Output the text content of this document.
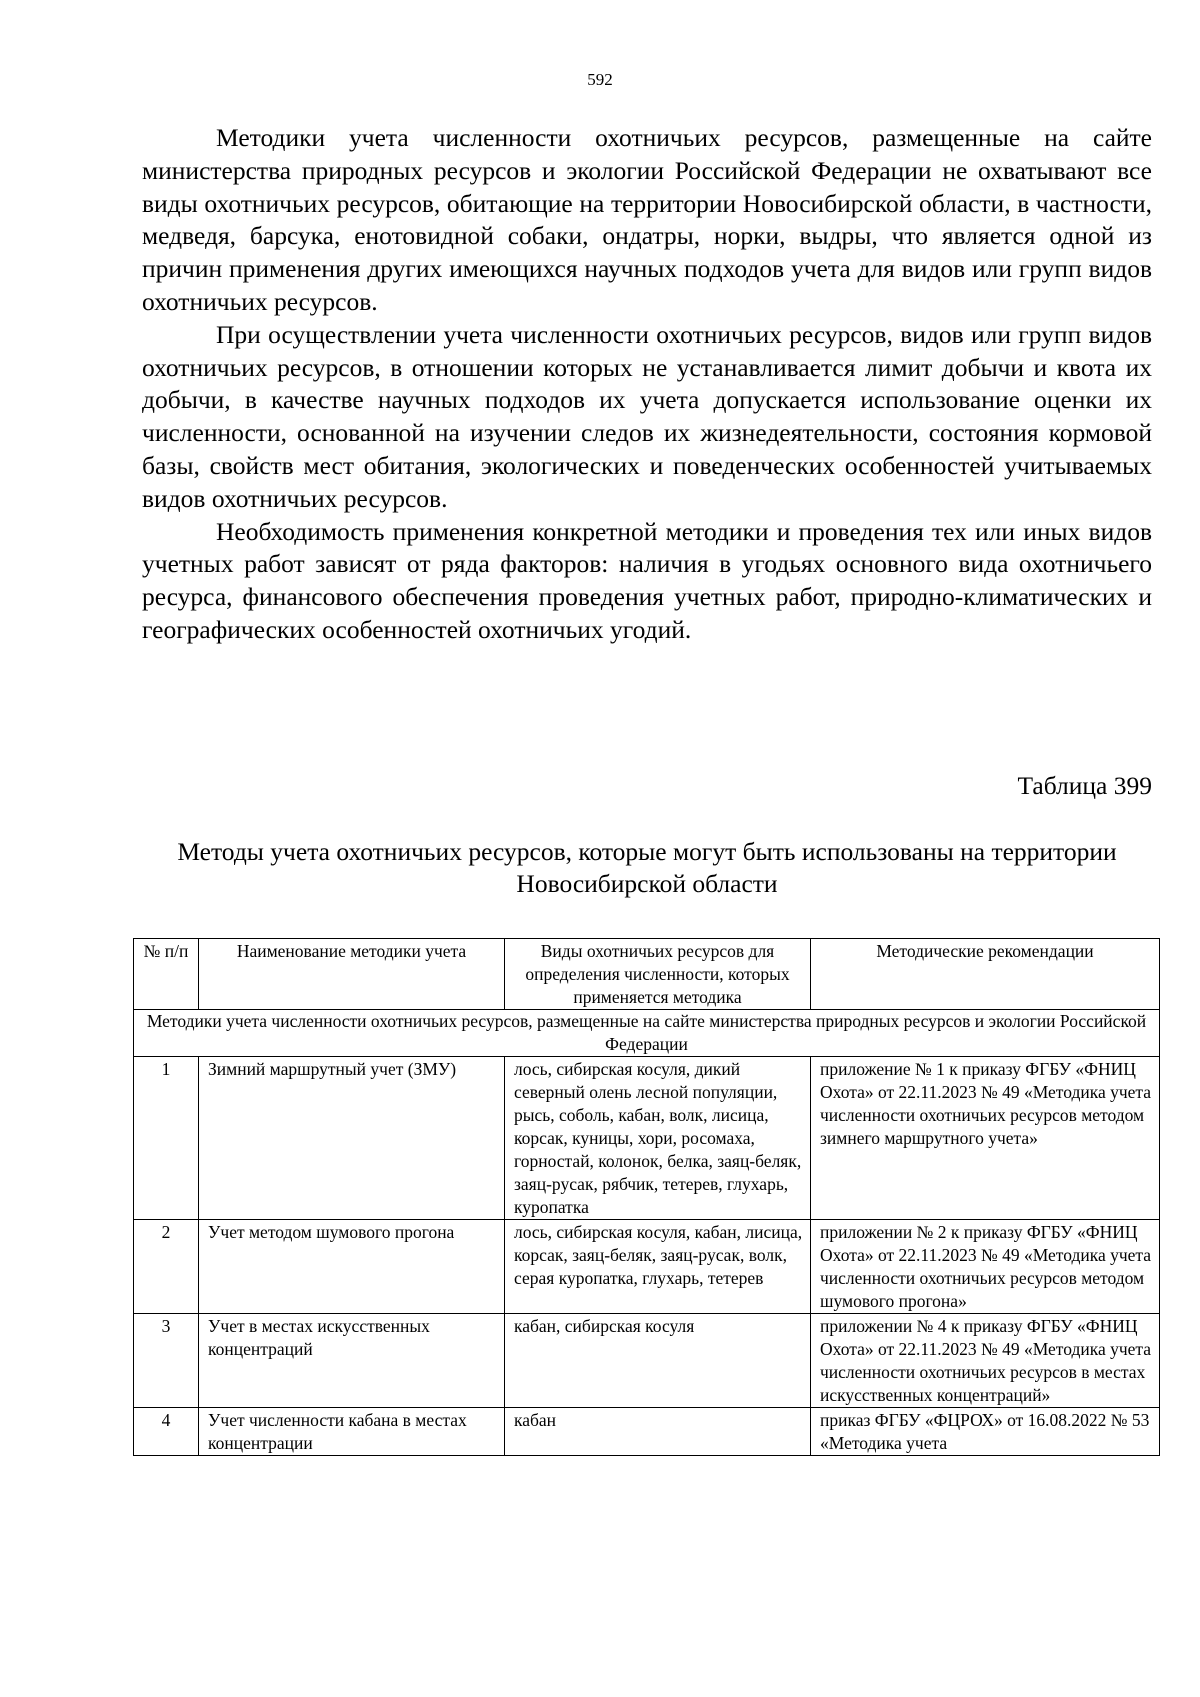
592

Методики учета численности охотничьих ресурсов, размещенные на сайте министерства природных ресурсов и экологии Российской Федерации не охватывают все виды охотничьих ресурсов, обитающие на территории Новосибирской области, в частности, медведя, барсука, енотовидной собаки, ондатры, норки, выдры, что является одной из причин применения других имеющихся научных подходов учета для видов или групп видов охотничьих ресурсов.

При осуществлении учета численности охотничьих ресурсов, видов или групп видов охотничьих ресурсов, в отношении которых не устанавливается лимит добычи и квота их добычи, в качестве научных подходов их учета допускается использование оценки их численности, основанной на изучении следов их жизнедеятельности, состояния кормовой базы, свойств мест обитания, экологических и поведенческих особенностей учитываемых видов охотничьих ресурсов.

Необходимость применения конкретной методики и проведения тех или иных видов учетных работ зависят от ряда факторов: наличия в угодьях основного вида охотничьего ресурса, финансового обеспечения проведения учетных работ, природно-климатических и географических особенностей охотничьих угодий.

Таблица 399
Методы учета охотничьих ресурсов, которые могут быть использованы на территории Новосибирской области
№ п/п	Наименование методики учета	Виды охотничьих ресурсов для определения численности, которых применяется методика	Методические рекомендации
Методики учета численности охотничьих ресурсов, размещенные на сайте министерства природных ресурсов и экологии Российской Федерации			
1	Зимний маршрутный учет (ЗМУ)	лось, сибирская косуля, дикий северный олень лесной популяции, рысь, соболь, кабан, волк, лисица, корсак, куницы, хори, росомаха, горностай, колонок, белка, заяц-беляк, заяц-русак, рябчик, тетерев, глухарь, куропатка	приложение № 1 к приказу ФГБУ «ФНИЦ Охота» от 22.11.2023 № 49 «Методика учета численности охотничьих ресурсов методом зимнего маршрутного учета»
2	Учет методом шумового прогона	лось, сибирская косуля, кабан, лисица, корсак, заяц-беляк, заяц-русак, волк, серая куропатка, глухарь, тетерев	приложении № 2 к приказу ФГБУ «ФНИЦ Охота» от 22.11.2023 № 49 «Методика учета численности охотничьих ресурсов методом шумового прогона»
3	Учет в местах искусственных концентраций	кабан, сибирская косуля	приложении № 4 к приказу ФГБУ «ФНИЦ Охота» от 22.11.2023 № 49 «Методика учета численности охотничьих ресурсов в местах искусственных концентраций»
4	Учет численности кабана в местах концентрации	кабан	приказ ФГБУ «ФЦРОХ» от 16.08.2022 № 53 «Методика учета
